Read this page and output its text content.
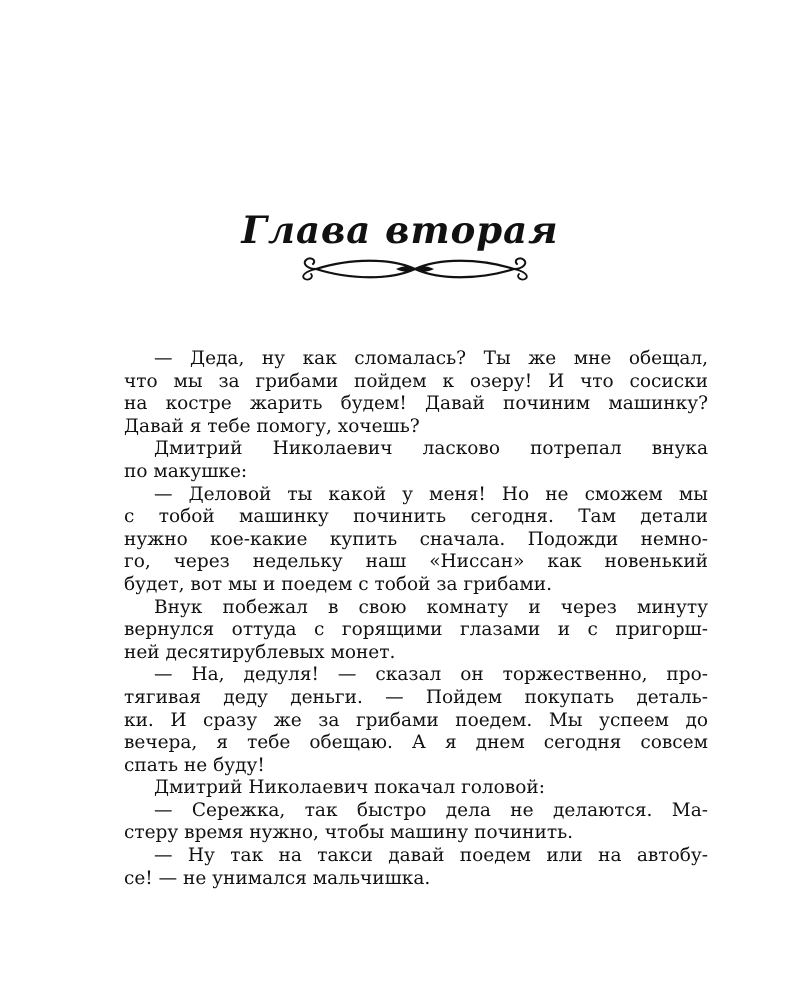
Глава вторая
— Деда, ну как сломалась? Ты же мне обещал,
что мы за грибами пойдем к озеру! И что сосиски
на костре жарить будем! Давай починим машинку?
Давай я тебе помогу, хочешь?
Дмитрий Николаевич ласково потрепал внука
по макушке:
— Деловой ты какой у меня! Но не сможем мы
с тобой машинку починить сегодня. Там детали
нужно кое-какие купить сначала. Подожди немно-
го, через недельку наш «Ниссан» как новенький
будет, вот мы и поедем с тобой за грибами.
Внук побежал в свою комнату и через минуту
вернулся оттуда с горящими глазами и с пригорш-
ней десятирублевых монет.
— На, дедуля! — сказал он торжественно, про-
тягивая деду деньги. — Пойдем покупать деталь-
ки. И сразу же за грибами поедем. Мы успеем до
вечера, я тебе обещаю. А я днем сегодня совсем
спать не буду!
Дмитрий Николаевич покачал головой:
— Сережка, так быстро дела не делаются. Ма-
стеру время нужно, чтобы машину починить.
— Ну так на такси давай поедем или на автобу-
се! — не унимался мальчишка.
